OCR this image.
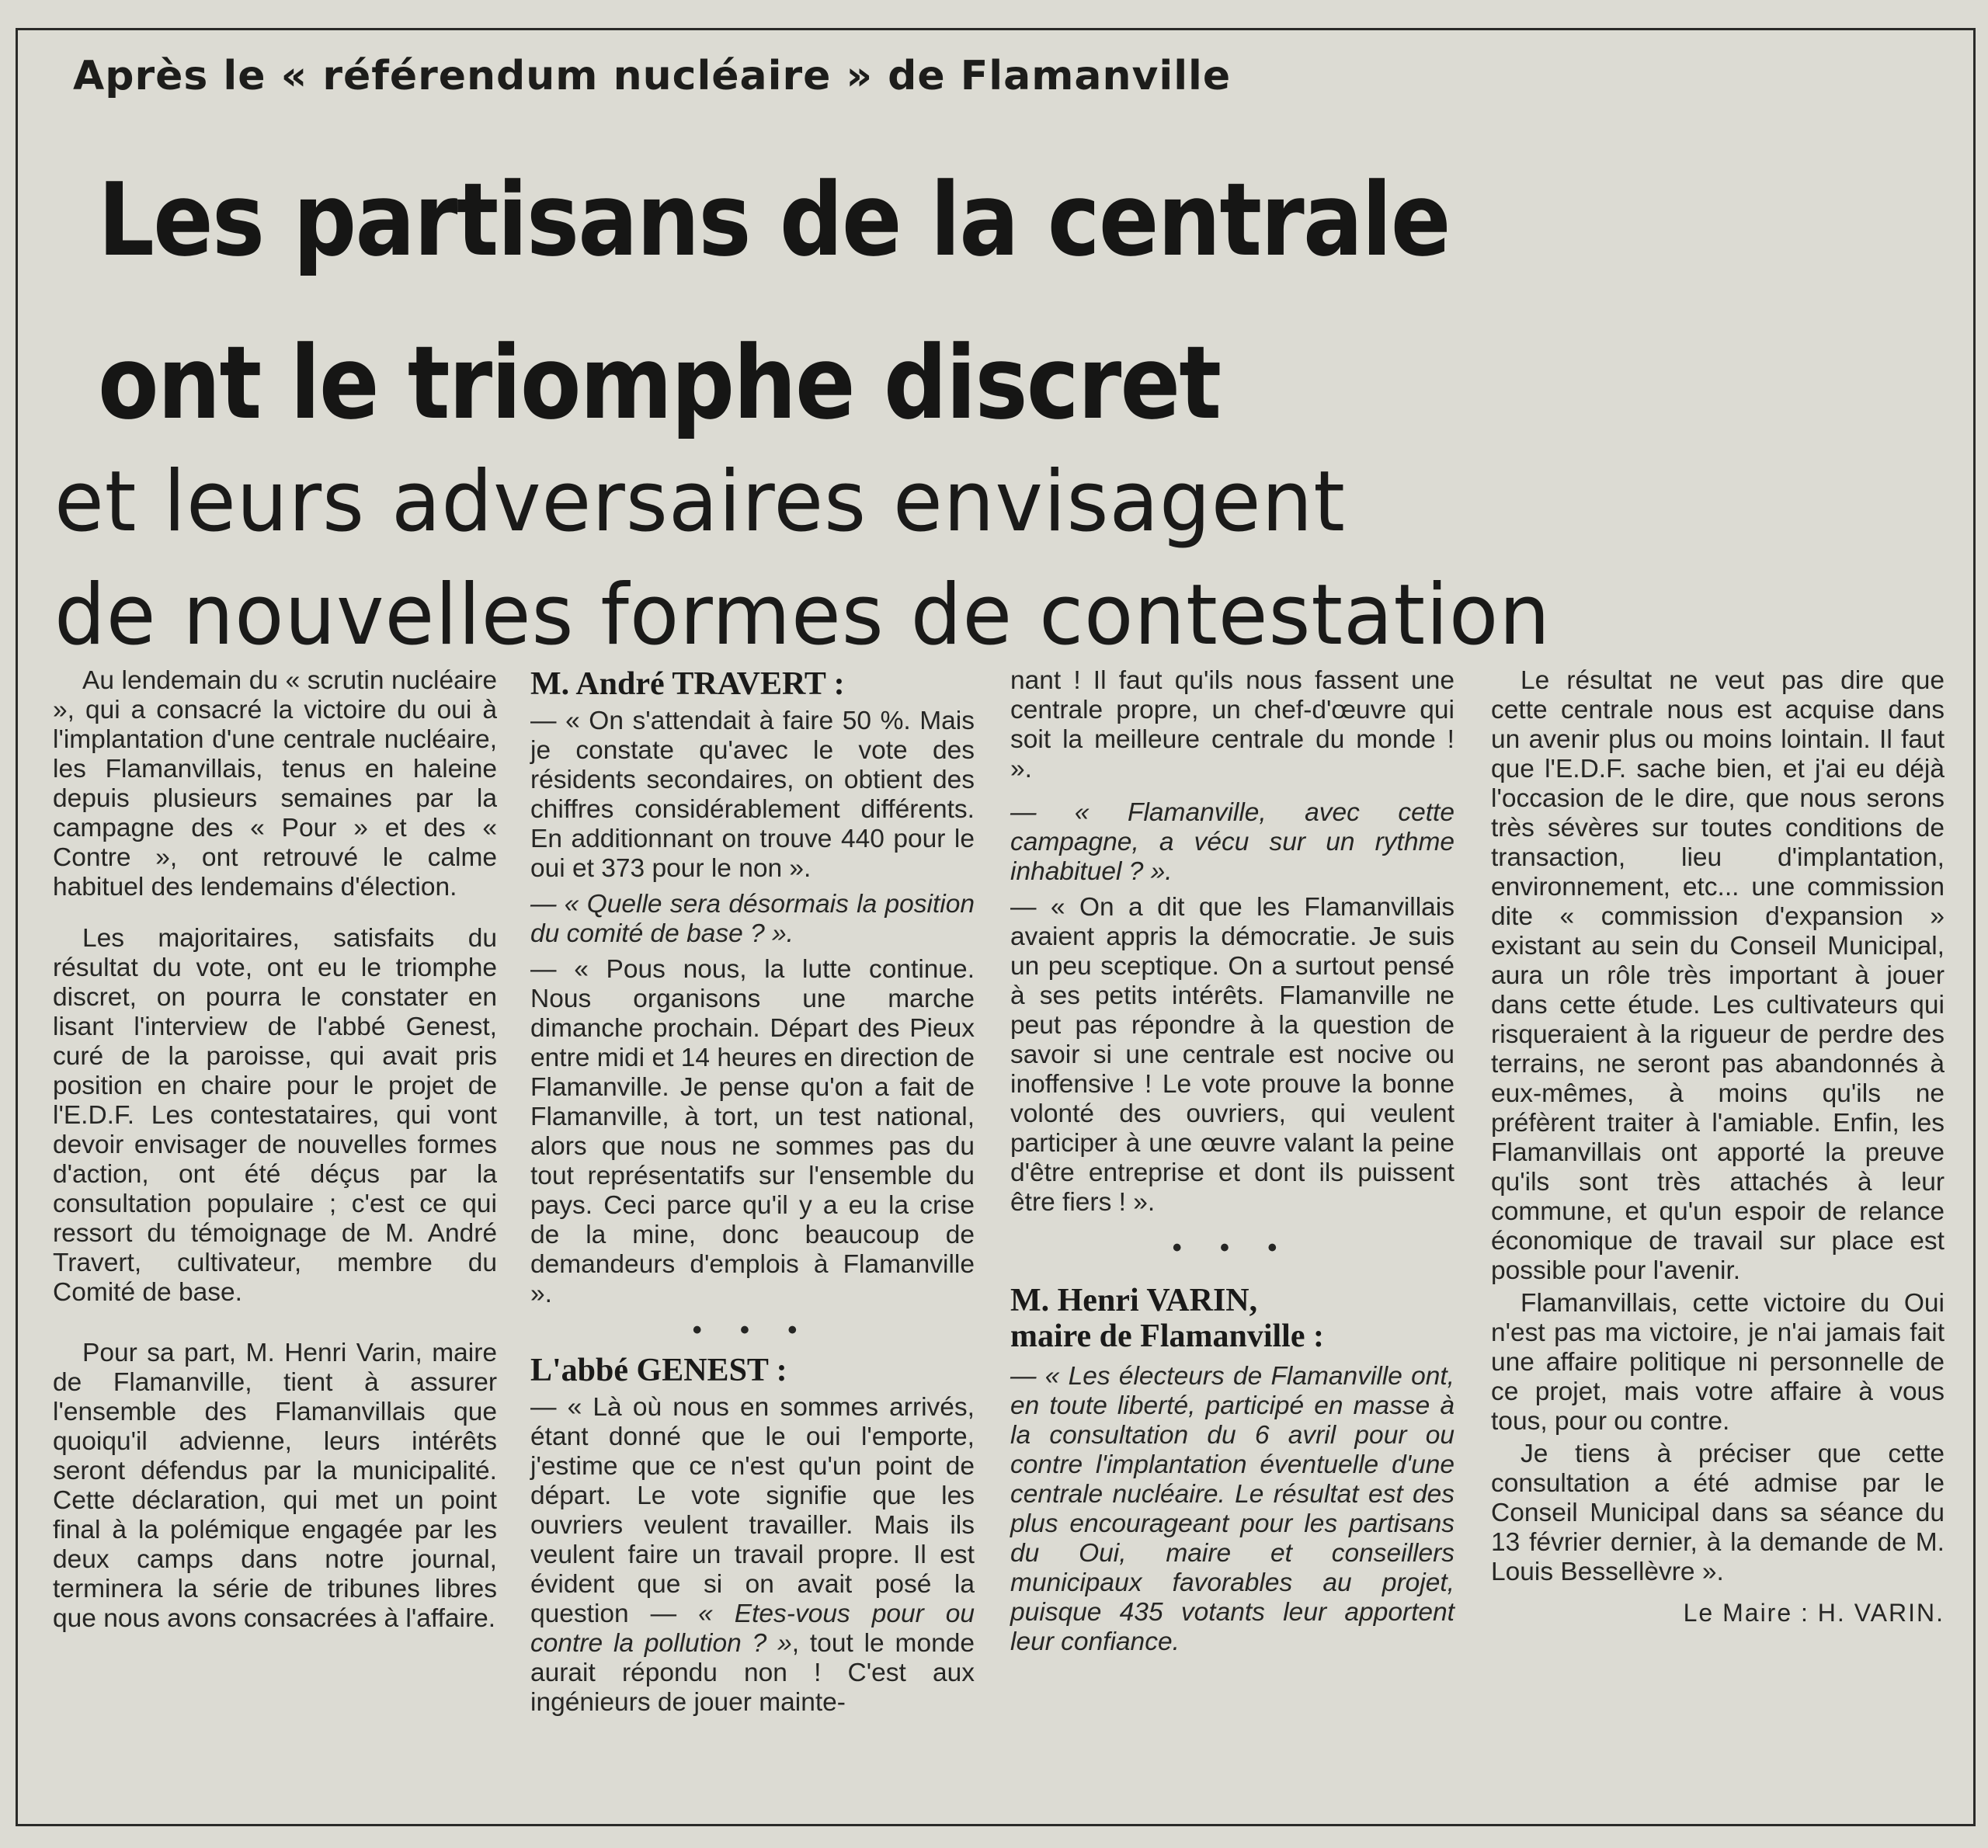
Après le « référendum nucléaire » de Flamanville
Les partisans de la centrale
ont le triomphe discret
et leurs adversaires envisagent
de nouvelles formes de contestation

Au lendemain du « scrutin nucléaire », qui a consacré la victoire du oui à l'implantation d'une centrale nucléaire, les Flamanvillais, tenus en haleine depuis plusieurs semaines par la campagne des « Pour » et des « Contre », ont retrouvé le calme habituel des lendemains d'élection.

Les majoritaires, satisfaits du résultat du vote, ont eu le triomphe discret, on pourra le constater en lisant l'interview de l'abbé Genest, curé de la paroisse, qui avait pris position en chaire pour le projet de l'E.D.F. Les contestataires, qui vont devoir envisager de nouvelles formes d'action, ont été déçus par la consultation populaire ; c'est ce qui ressort du témoignage de M. André Travert, cultivateur, membre du Comité de base.

Pour sa part, M. Henri Varin, maire de Flamanville, tient à assurer l'ensemble des Flamanvillais que quoiqu'il advienne, leurs intérêts seront défendus par la municipalité. Cette déclaration, qui met un point final à la polémique engagée par les deux camps dans notre journal, terminera la série de tribunes libres que nous avons consacrées à l'affaire.

M. André TRAVERT :

— « On s'attendait à faire 50 %. Mais je constate qu'avec le vote des résidents secondaires, on obtient des chiffres considérablement différents. En additionnant on trouve 440 pour le oui et 373 pour le non ».

— « Quelle sera désormais la position du comité de base ? ».

— « Pous nous, la lutte continue. Nous organisons une marche dimanche prochain. Départ des Pieux entre midi et 14 heures en direction de Flamanville. Je pense qu'on a fait de Flamanville, à tort, un test national, alors que nous ne sommes pas du tout représentatifs sur l'ensemble du pays. Ceci parce qu'il y a eu la crise de la mine, donc beaucoup de demandeurs d'emplois à Flamanville ».

• • •
L'abbé GENEST :

— « Là où nous en sommes arrivés, étant donné que le oui l'emporte, j'estime que ce n'est qu'un point de départ. Le vote signifie que les ouvriers veulent travailler. Mais ils veulent faire un travail propre. Il est évident que si on avait posé la question — « Etes-vous pour ou contre la pollution ? », tout le monde aurait répondu non ! C'est aux ingénieurs de jouer mainte-

nant ! Il faut qu'ils nous fassent une centrale propre, un chef-d'œuvre qui soit la meilleure centrale du monde ! ».

— « Flamanville, avec cette campagne, a vécu sur un rythme inhabituel ? ».

— « On a dit que les Flamanvillais avaient appris la démocratie. Je suis un peu sceptique. On a surtout pensé à ses petits intérêts. Flamanville ne peut pas répondre à la question de savoir si une centrale est nocive ou inoffensive ! Le vote prouve la bonne volonté des ouvriers, qui veulent participer à une œuvre valant la peine d'être entreprise et dont ils puissent être fiers ! ».

• • •
M. Henri VARIN,
maire de Flamanville :

— « Les électeurs de Flamanville ont, en toute liberté, participé en masse à la consultation du 6 avril pour ou contre l'implantation éventuelle d'une centrale nucléaire. Le résultat est des plus encourageant pour les partisans du Oui, maire et conseillers municipaux favorables au projet, puisque 435 votants leur apportent leur confiance.

Le résultat ne veut pas dire que cette centrale nous est acquise dans un avenir plus ou moins lointain. Il faut que l'E.D.F. sache bien, et j'ai eu déjà l'occasion de le dire, que nous serons très sévères sur toutes conditions de transaction, lieu d'implantation, environnement, etc... une commission dite « commission d'expansion » existant au sein du Conseil Municipal, aura un rôle très important à jouer dans cette étude. Les cultivateurs qui risqueraient à la rigueur de perdre des terrains, ne seront pas abandonnés à eux-mêmes, à moins qu'ils ne préfèrent traiter à l'amiable. Enfin, les Flamanvillais ont apporté la preuve qu'ils sont très attachés à leur commune, et qu'un espoir de relance économique de travail sur place est possible pour l'avenir.

Flamanvillais, cette victoire du Oui n'est pas ma victoire, je n'ai jamais fait une affaire politique ni personnelle de ce projet, mais votre affaire à vous tous, pour ou contre.

Je tiens à préciser que cette consultation a été admise par le Conseil Municipal dans sa séance du 13 février dernier, à la demande de M. Louis Bessellèvre ».

Le Maire : H. VARIN.
